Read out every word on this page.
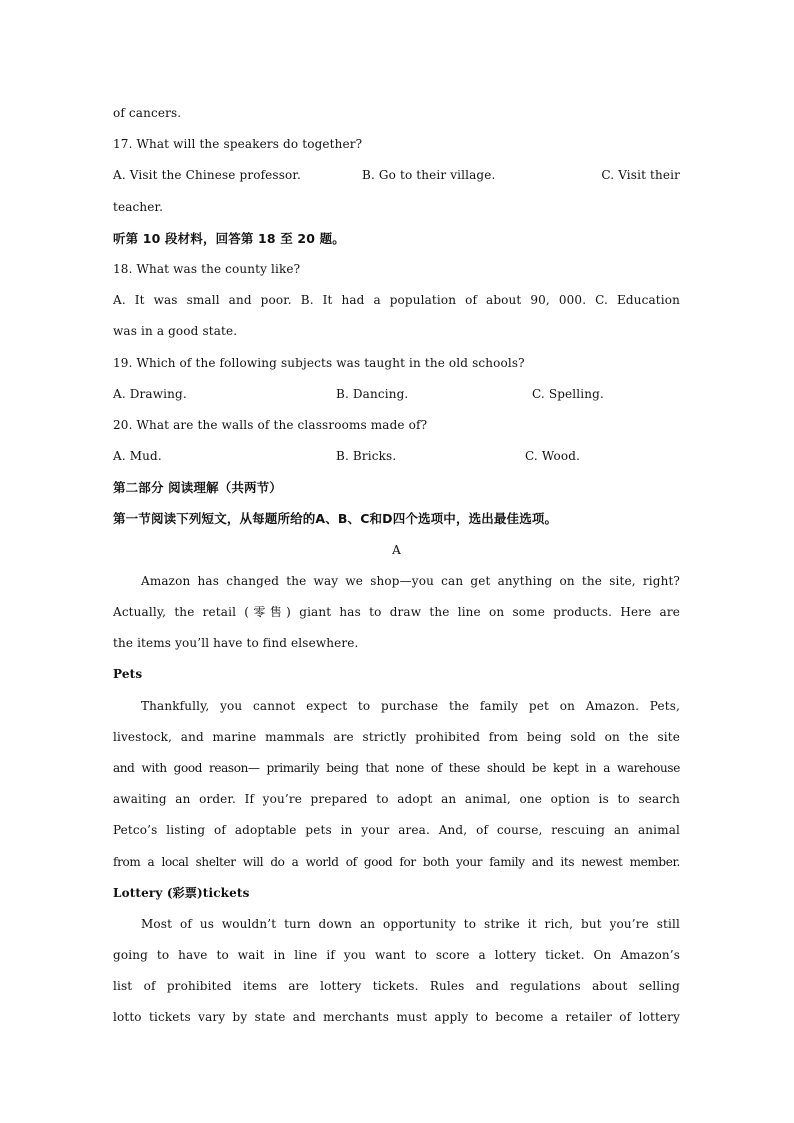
of cancers.
17. What will the speakers do together?
A. Visit the Chinese professor.	B. Go to their village.	C. Visit their
teacher.
听第 10 段材料，回答第 18 至 20 题。
18. What was the county like?
A. It was small and poor. B. It had a population of about 90, 000. C. Education
was in a good state.
19. Which of the following subjects was taught in the old schools?
A. Drawing.	B. Dancing.	C. Spelling.
20. What are the walls of the classrooms made of?
A. Mud.	B. Bricks.	C. Wood.
第二部分 阅读理解（共两节）
第一节阅读下列短文，从每题所给的A、B、C和D四个选项中，选出最佳选项。
A
Amazon has changed the way we shop—you can get anything on the site, right?
Actually, the retail (零售) giant has to draw the line on some products. Here are
the items you’ll have to find elsewhere.
Pets
Thankfully, you cannot expect to purchase the family pet on Amazon. Pets,
livestock, and marine mammals are strictly prohibited from being sold on the site
and with good reason— primarily being that none of these should be kept in a warehouse
awaiting an order. If you’re prepared to adopt an animal, one option is to search
Petco’s listing of adoptable pets in your area. And, of course, rescuing an animal
from a local shelter will do a world of good for both your family and its newest member.
Lottery (彩票)tickets
Most of us wouldn’t turn down an opportunity to strike it rich, but you’re still
going to have to wait in line if you want to score a lottery ticket. On Amazon’s
list of prohibited items are lottery tickets. Rules and regulations about selling
lotto tickets vary by state and merchants must apply to become a retailer of lottery
